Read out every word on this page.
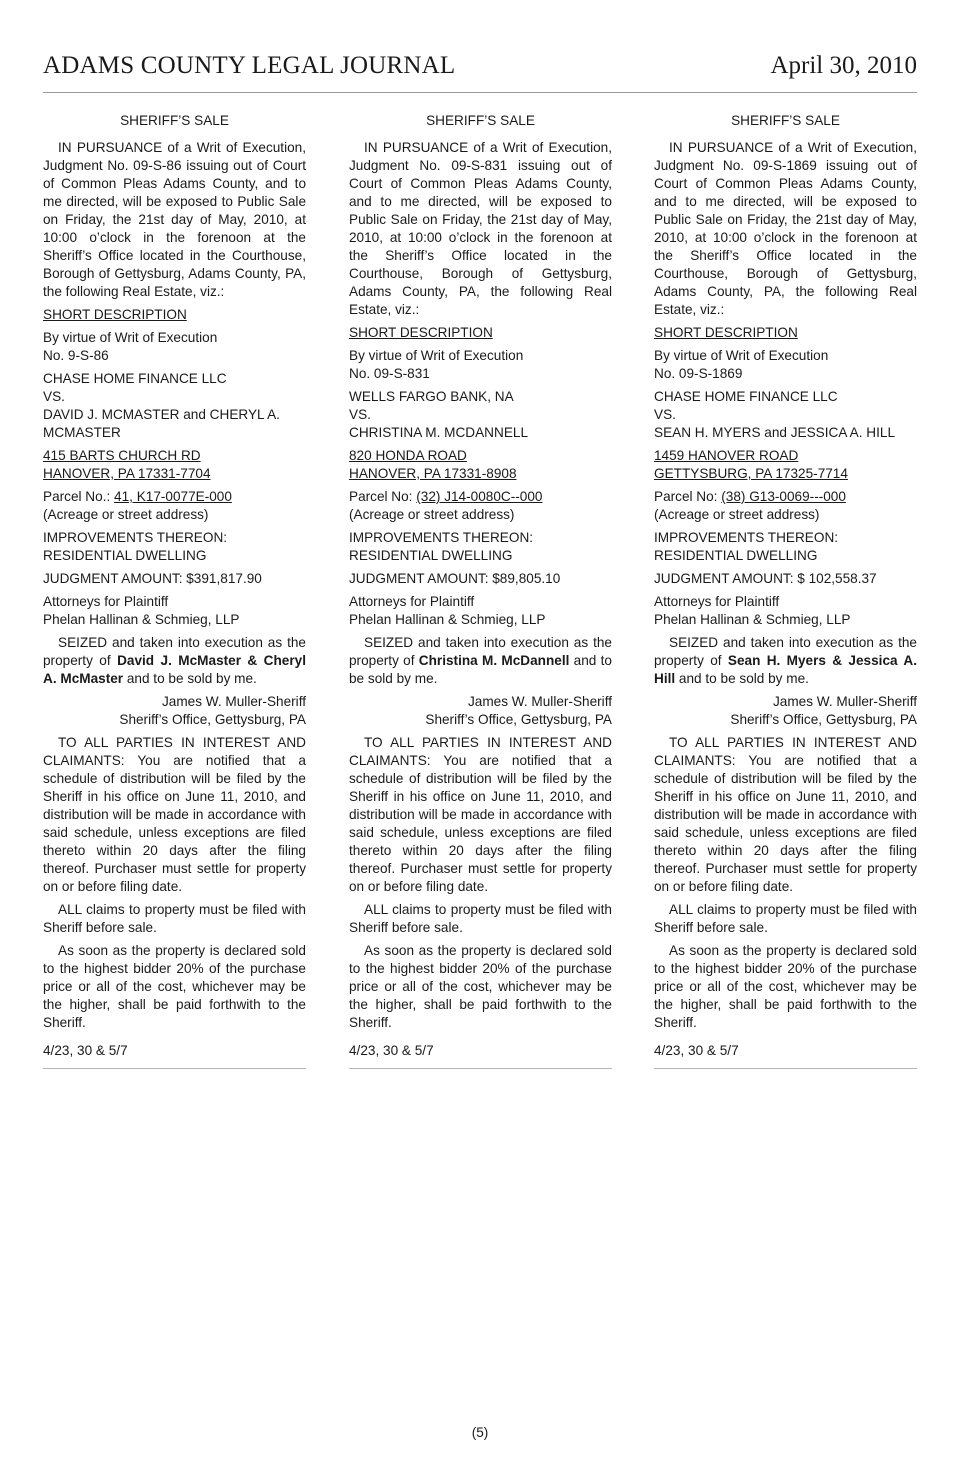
ADAMS COUNTY LEGAL JOURNAL	April 30, 2010

SHERIFF’S SALE

IN PURSUANCE of a Writ of Execution, Judgment No. 09-S-86 issuing out of Court of Common Pleas Adams County, and to me directed, will be exposed to Public Sale on Friday, the 21st day of May, 2010, at 10:00 o’clock in the forenoon at the Sheriff’s Office located in the Courthouse, Borough of Gettysburg, Adams County, PA, the following Real Estate, viz.:

SHORT DESCRIPTION

By virtue of Writ of Execution
No. 9-S-86

CHASE HOME FINANCE LLC
VS.
DAVID J. MCMASTER and CHERYL A. MCMASTER

415 BARTS CHURCH RD
HANOVER, PA 17331-7704

Parcel No.: 41, K17-0077E-000
(Acreage or street address)

IMPROVEMENTS THEREON:
RESIDENTIAL DWELLING

JUDGMENT AMOUNT: $391,817.90

Attorneys for Plaintiff
Phelan Hallinan & Schmieg, LLP

SEIZED and taken into execution as the property of David J. McMaster & Cheryl A. McMaster and to be sold by me.

James W. Muller-Sheriff

Sheriff’s Office, Gettysburg, PA

TO ALL PARTIES IN INTEREST AND CLAIMANTS: You are notified that a schedule of distribution will be filed by the Sheriff in his office on June 11, 2010, and distribution will be made in accordance with said schedule, unless exceptions are filed thereto within 20 days after the filing thereof. Purchaser must settle for property on or before filing date.

ALL claims to property must be filed with Sheriff before sale.

As soon as the property is declared sold to the highest bidder 20% of the purchase price or all of the cost, whichever may be the higher, shall be paid forthwith to the Sheriff.

4/23, 30 & 5/7

SHERIFF’S SALE

IN PURSUANCE of a Writ of Execution, Judgment No. 09-S-831 issuing out of Court of Common Pleas Adams County, and to me directed, will be exposed to Public Sale on Friday, the 21st day of May, 2010, at 10:00 o’clock in the forenoon at the Sheriff’s Office located in the Courthouse, Borough of Gettysburg, Adams County, PA, the following Real Estate, viz.:

SHORT DESCRIPTION

By virtue of Writ of Execution
No. 09-S-831

WELLS FARGO BANK, NA
VS.
CHRISTINA M. MCDANNELL

820 HONDA ROAD
HANOVER, PA 17331-8908

Parcel No: (32) J14-0080C--000
(Acreage or street address)

IMPROVEMENTS THEREON:
RESIDENTIAL DWELLING

JUDGMENT AMOUNT: $89,805.10

Attorneys for Plaintiff
Phelan Hallinan & Schmieg, LLP

SEIZED and taken into execution as the property of Christina M. McDannell and to be sold by me.

James W. Muller-Sheriff

Sheriff’s Office, Gettysburg, PA

TO ALL PARTIES IN INTEREST AND CLAIMANTS: You are notified that a schedule of distribution will be filed by the Sheriff in his office on June 11, 2010, and distribution will be made in accordance with said schedule, unless exceptions are filed thereto within 20 days after the filing thereof. Purchaser must settle for property on or before filing date.

ALL claims to property must be filed with Sheriff before sale.

As soon as the property is declared sold to the highest bidder 20% of the purchase price or all of the cost, whichever may be the higher, shall be paid forthwith to the Sheriff.

4/23, 30 & 5/7

SHERIFF’S SALE

IN PURSUANCE of a Writ of Execution, Judgment No. 09-S-1869 issuing out of Court of Common Pleas Adams County, and to me directed, will be exposed to Public Sale on Friday, the 21st day of May, 2010, at 10:00 o’clock in the forenoon at the Sheriff’s Office located in the Courthouse, Borough of Gettysburg, Adams County, PA, the following Real Estate, viz.:

SHORT DESCRIPTION

By virtue of Writ of Execution
No. 09-S-1869

CHASE HOME FINANCE LLC
VS.
SEAN H. MYERS and JESSICA A. HILL

1459 HANOVER ROAD
GETTYSBURG, PA 17325-7714

Parcel No: (38) G13-0069---000
(Acreage or street address)

IMPROVEMENTS THEREON:
RESIDENTIAL DWELLING

JUDGMENT AMOUNT: $ 102,558.37

Attorneys for Plaintiff
Phelan Hallinan & Schmieg, LLP

SEIZED and taken into execution as the property of Sean H. Myers & Jessica A. Hill and to be sold by me.

James W. Muller-Sheriff

Sheriff’s Office, Gettysburg, PA

TO ALL PARTIES IN INTEREST AND CLAIMANTS: You are notified that a schedule of distribution will be filed by the Sheriff in his office on June 11, 2010, and distribution will be made in accordance with said schedule, unless exceptions are filed thereto within 20 days after the filing thereof. Purchaser must settle for property on or before filing date.

ALL claims to property must be filed with Sheriff before sale.

As soon as the property is declared sold to the highest bidder 20% of the purchase price or all of the cost, whichever may be the higher, shall be paid forthwith to the Sheriff.

4/23, 30 & 5/7

(5)
